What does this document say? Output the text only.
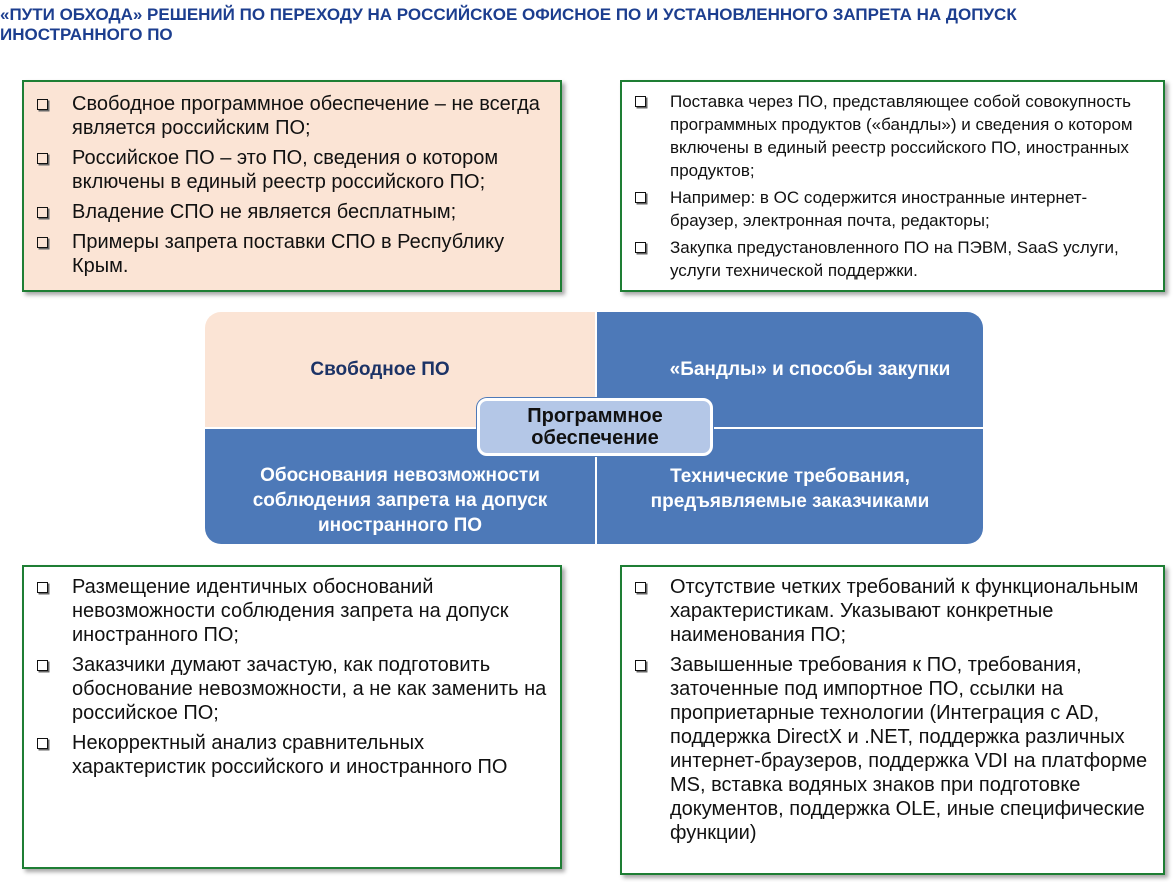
«ПУТИ ОБХОДА» РЕШЕНИЙ ПО ПЕРЕХОДУ НА РОССИЙСКОЕ ОФИСНОЕ ПО И УСТАНОВЛЕННОГО ЗАПРЕТА НА ДОПУСК ИНОСТРАННОГО ПО
Свободное программное обеспечение – не всегда является российским ПО;
Российское ПО – это ПО, сведения о котором включены в единый реестр российского ПО;
Владение СПО не является бесплатным;
Примеры запрета поставки СПО в Республику Крым.
Поставка через ПО, представляющее собой совокупность программных продуктов («бандлы») и сведения о котором включены в единый реестр российского ПО, иностранных продуктов;
Например: в ОС содержится иностранные интернет-браузер, электронная почта, редакторы;
Закупка предустановленного ПО на ПЭВМ, SaaS услуги, услуги технической поддержки.
Свободное ПО	«Бандлы» и способы закупки
Обоснования невозможности соблюдения запрета на допуск иностранного ПО
Технические требования, предъявляемые заказчиками
Программное обеспечение
Размещение идентичных обоснований невозможности соблюдения запрета на допуск иностранного ПО;
Заказчики думают зачастую, как подготовить обоснование невозможности, а не как заменить на российское ПО;
Некорректный анализ сравнительных характеристик российского и иностранного ПО
Отсутствие четких требований к функциональным характеристикам. Указывают конкретные наименования ПО;
Завышенные требования к ПО, требования, заточенные под импортное ПО, ссылки на проприетарные технологии (Интеграция с AD, поддержка DirectX и .NET, поддержка различных интернет-браузеров, поддержка VDI на платформе MS, вставка водяных знаков при подготовке документов, поддержка OLE, иные специфические функции)
